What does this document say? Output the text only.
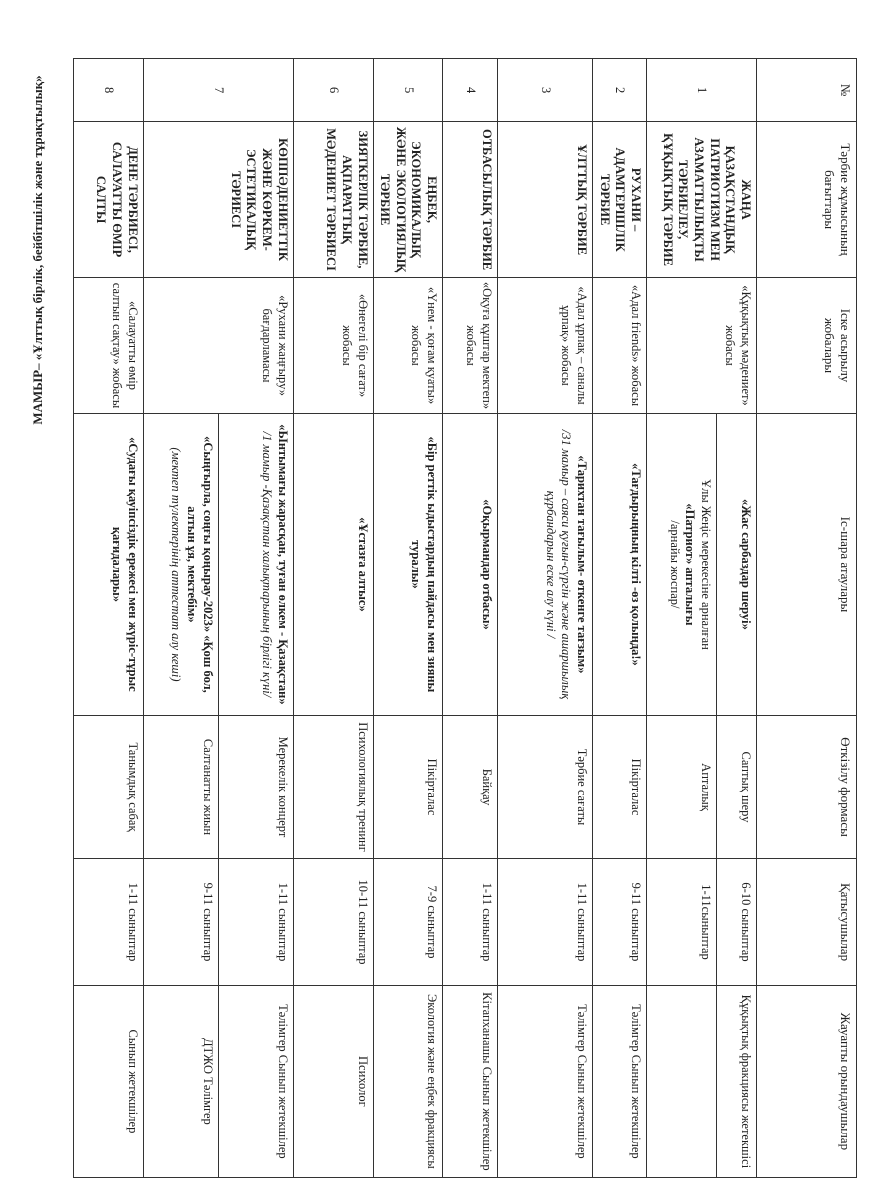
МАМЫР– «Ұлттық бірлік, бейбітшілік және тұрақтылық»	№	Тәрбие жұмысының бағыттары	Іске асырылу жобалары	Іс-шара атаулары	Өткізілу формасы	Қатысушылар	Жауапты орындаушылар
1	ЖАҢА ҚАЗАҚСТАНДЫҚ ПАТРИОТИЗМ МЕН АЗАМАТТЫЛЫҚТЫ ТӘРБИЕЛЕУ, ҚҰҚЫҚТЫҚ ТӘРБИЕ	«Құқықтық мәдениет» жобасы	«Жас сарбаздар шеруі»	Саптық шеру	6-10 сыныптар	Құқықтық фракциясы жетекшісі

			Ұлы Жеңіс мерекесіне арналған
«Патриот» апталығы
/арнайы жоспар/	Апталық	1-11сыныптар	
2	РУХАНИ –АДАМГЕРШІЛІК ТӘРБИЕ	«Адал friends» жобасы	«Тағдырыңның кілті -өз қолыңда!»	Пікірталас	9-11 сыныптар	Тәлімгер Сынып жетекшілер
3	ҰЛТТЫҚ ТӘРБИЕ	«Адал ұрпақ – саналы ұрпақ» жобасы	«Тарихтан тағылым- өткенге тағзым»
/31 мамыр – саяси қуғын-сүргін және ашаршылық құрбандарын еске алу күні /	Тәрбие сағаты	1-11 сыныптар	Тәлімгер Сынып жетекшілер
4	ОТБАСЫЛЫҚ ТӘРБИЕ	«Оқуға құштар мектеп» жобасы	«Оқырмандар отбасы»	Байқау	1-11 сыныптар	Кітапханашы Сынып жетекшілер
5	ЕҢБЕК, ЭКОНОМИКАЛЫҚ ЖӘНЕ ЭКОЛОГИЯЛЫҚ ТӘРБИЕ	«Үнем - қоғам қуаты» жобасы	«Бір реттік ыдыстардың пайдасы мен зияны туралы»	Пікірталас	7-9 сыныптар	Экология және еңбек фракциясы
6	ЗИЯТКЕРЛІК ТӘРБИЕ, АҚПАРАТТЫҚ МӘДЕНИЕТ ТӘРБИЕСІ	«Өнегелі бір сағат» жобасы	«Ұстазға алтыс»	Психологиялық тренинг	10-11 сыныптар	Психолог
7	КӨППӘДЕНИЕТТІК ЖӘНЕ КӨРКЕМ-ЭСТЕТИКАЛЫҚ ТӘРИЕСІ	«Рухани жаңғыру» бағдарламасы	«Ынтымағы жарасқан, туған өлкем - Қазақстан»
/1 мамыр -Қазақстан халықтарының бірлігі күні/	Мерекелік концерт	1-11 сыныптар	Тәлімгер Сынып жетекшілер

			«Сыңғырла, соңғы қоңырау-2023» «Қош бол, алтын ұя, мектебім»
(мектеп түлектерінің аттестат алу кеші)	Салтанатты жиын	9-11 сыныптар	ДТЖО Тәлімгер
8	ДЕНЕ ТӘРБИЕСІ, САЛАУАТТЫ ӨМІР САЛТЫ	«Салауатты өмір салтын сақтау» жобасы	«Судағы қауіпсіздік ережесі мен жүріс-тұрыс қағидалары»	Танымдық сабақ	1-11 сыныптар	Сынып жетекшілер
